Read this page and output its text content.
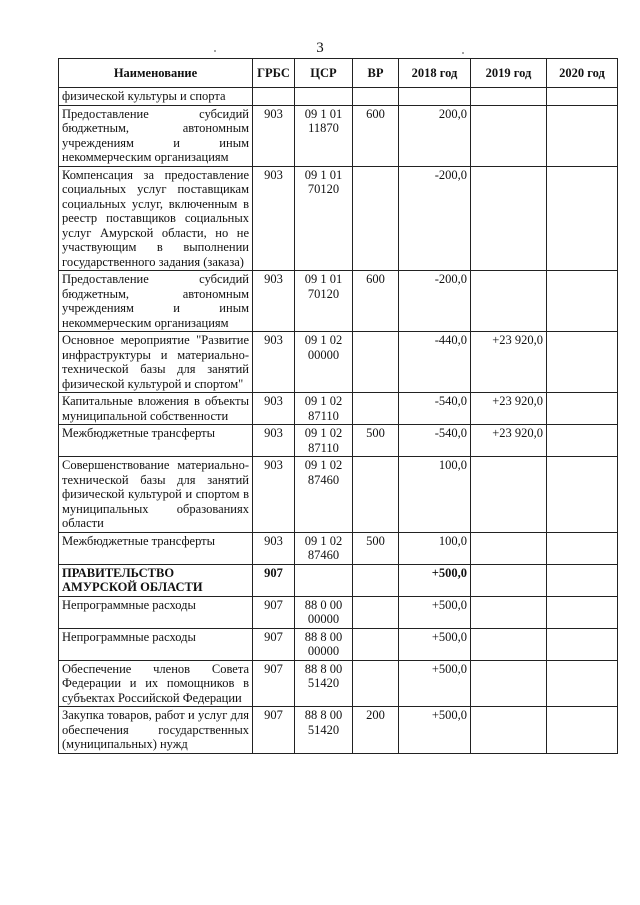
3
Наименование	ГРБС	ЦСР	ВР	2018 год	2019 год	2020 год
физической культуры и спорта						
Предоставление субсидий бюджетным, автономным учреждениям и иным некоммерческим организациям	903	09 1 01 11870	600	200,0		
Компенсация за предоставление социальных услуг поставщикам социальных услуг, включенным в реестр поставщиков социальных услуг Амурской области, но не участвующим в выполнении государственного задания (заказа)	903	09 1 01 70120		-200,0		
Предоставление субсидий бюджетным, автономным учреждениям и иным некоммерческим организациям	903	09 1 01 70120	600	-200,0		
Основное мероприятие "Развитие инфраструктуры и материально-технической базы для занятий физической культурой и спортом"	903	09 1 02 00000		-440,0	+23 920,0	
Капитальные вложения в объекты муниципальной собственности	903	09 1 02 87110		-540,0	+23 920,0	
Межбюджетные трансферты	903	09 1 02 87110	500	-540,0	+23 920,0	
Совершенствование материально-технической базы для занятий физической культурой и спортом в муниципальных образованиях области	903	09 1 02 87460		100,0		
Межбюджетные трансферты	903	09 1 02 87460	500	100,0		
ПРАВИТЕЛЬСТВО АМУРСКОЙ ОБЛАСТИ	907			+500,0		
Непрограммные расходы	907	88 0 00 00000		+500,0		
Непрограммные расходы	907	88 8 00 00000		+500,0		
Обеспечение членов Совета Федерации и их помощников в субъектах Российской Федерации	907	88 8 00 51420		+500,0		
Закупка товаров, работ и услуг для обеспечения государственных (муниципальных) нужд	907	88 8 00 51420	200	+500,0		
